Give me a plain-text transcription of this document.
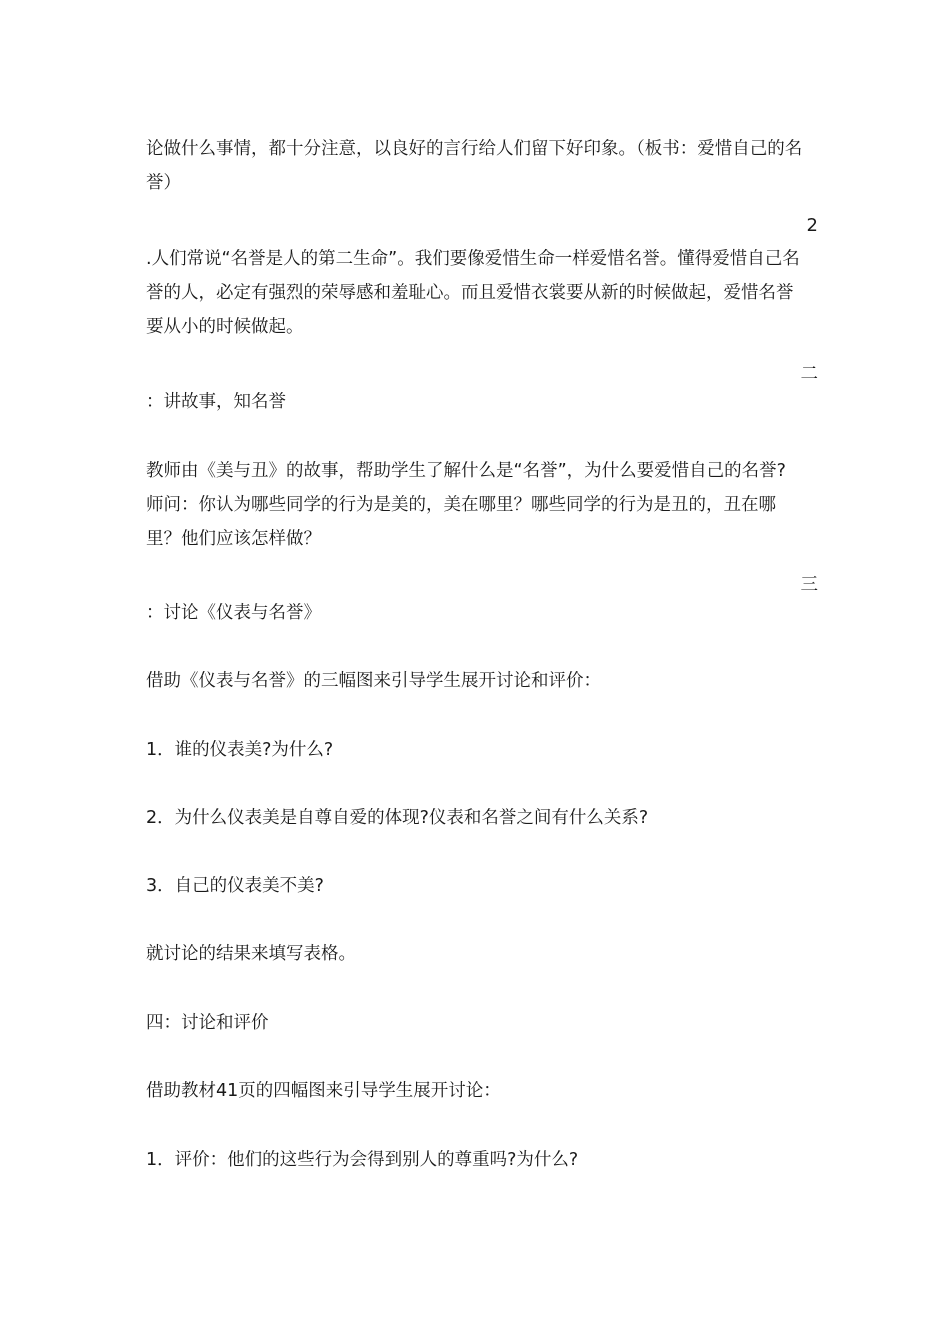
论做什么事情，都十分注意，以良好的言行给人们留下好印象。（板书：爱惜自己的名誉）

2

.人们常说“名誉是人的第二生命”。我们要像爱惜生命一样爱惜名誉。懂得爱惜自己名誉的人，必定有强烈的荣辱感和羞耻心。而且爱惜衣裳要从新的时候做起，爱惜名誉要从小的时候做起。

二

：讲故事，知名誉

教师由《美与丑》的故事，帮助学生了解什么是“名誉”，为什么要爱惜自己的名誉? 师问：你认为哪些同学的行为是美的，美在哪里？哪些同学的行为是丑的，丑在哪里？他们应该怎样做？

三

：讨论《仪表与名誉》

借助《仪表与名誉》的三幅图来引导学生展开讨论和评价：

1．谁的仪表美?为什么?

2．为什么仪表美是自尊自爱的体现?仪表和名誉之间有什么关系?

3．自己的仪表美不美?

就讨论的结果来填写表格。

四：讨论和评价

借助教材41页的四幅图来引导学生展开讨论：

1．评价：他们的这些行为会得到别人的尊重吗?为什么?
